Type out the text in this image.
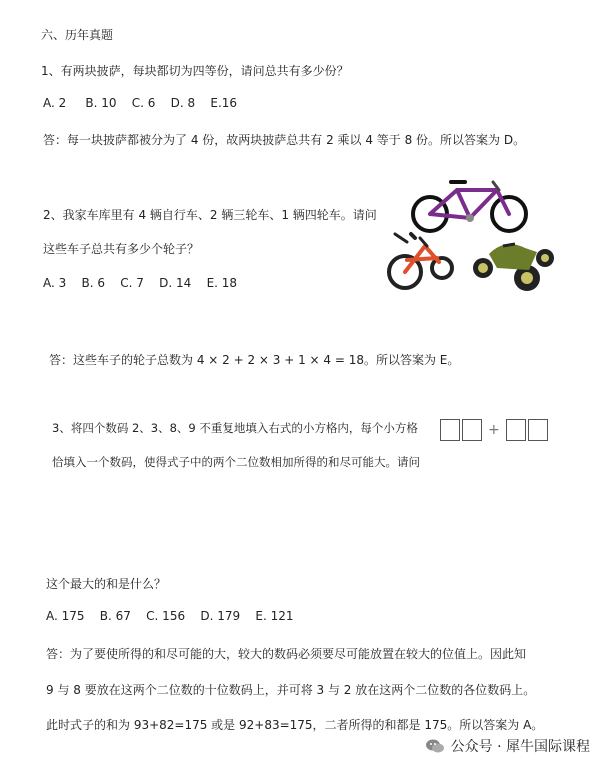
六、历年真题
1、有两块披萨，每块都切为四等份，请问总共有多少份？
A. 2     B. 10    C. 6    D. 8    E.16
答：每一块披萨都被分为了 4 份，故两块披萨总共有 2 乘以 4 等于 8 份。所以答案为 D。
2、我家车库里有 4 辆自行车、2 辆三轮车、1 辆四轮车。请问
这些车子总共有多少个轮子？
A. 3    B. 6    C. 7    D. 14    E. 18
答：这些车子的轮子总数为 4 × 2 + 2 × 3 + 1 × 4 = 18。所以答案为 E。
3、将四个数码 2、3、8、9 不重复地填入右式的小方格内，每个小方格
恰填入一个数码，使得式子中的两个二位数相加所得的和尽可能大。请问
+
这个最大的和是什么？
A. 175    B. 67    C. 156    D. 179    E. 121
答：为了要使所得的和尽可能的大，较大的数码必须要尽可能放置在较大的位值上。因此知
9 与 8 要放在这两个二位数的十位数码上，并可将 3 与 2 放在这两个二位数的各位数码上。
此时式子的和为 93+82=175 或是 92+83=175，二者所得的和都是 175。所以答案为 A。
公众号 · 犀牛国际课程
